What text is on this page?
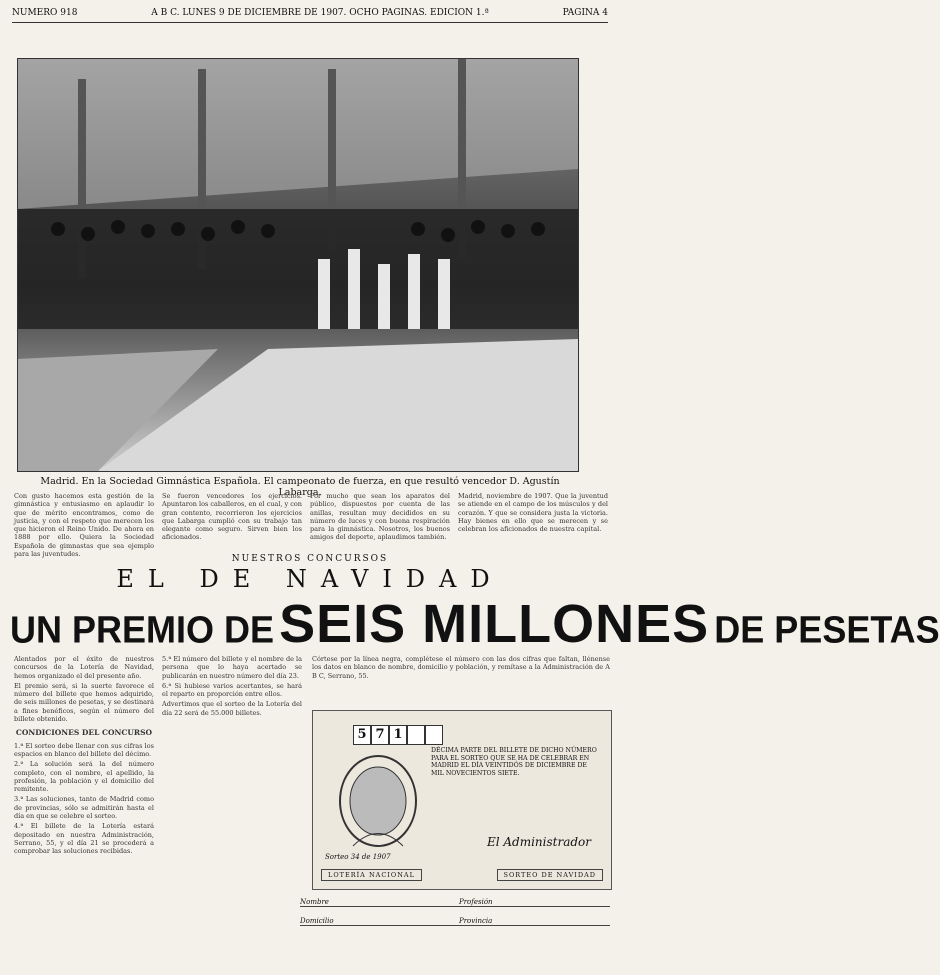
NUMERO 918	A B C. LUNES 9 DE DICIEMBRE DE 1907. OCHO PAGINAS. EDICION 1.ª	PAGINA 4
Madrid. En la Sociedad Gimnástica Española. El campeonato de fuerza, en que resultó vencedor D. Agustín Labarga.
Con gusto hacemos esta gestión de la gimnástica y entusiasmo en aplaudir lo que de mérito encontramos, como de justicia, y con el respeto que merecen los que hicieron el Reino Unido. De ahora en 1888 por ello. Quiera la Sociedad Española de gimnastas que sea ejemplo para las juventudes.
Se fueron vencedores los ejercicios. Apuntaron los caballeros, en el cual, y con gran contento, recorrieron los ejercicios que Labarga cumplió con su trabajo tan elegante como seguro. Sirven bien los aficionados.
Por mucho que sean los aparatos del público, dispuestos por cuenta de las anillas, resultan muy decididos en su número de luces y con buena respiración para la gimnástica. Nosotros, los buenos amigos del deporte, aplaudimos también.
Madrid, noviembre de 1907. Que la juventud se atiende en el campo de los músculos y del corazón. Y que se considera justa la victoria. Hay bienes en ello que se merecen y se celebran los aficionados de nuestra capital.
NUESTROS CONCURSOS
EL DE NAVIDAD
UN PREMIO DE SEIS MILLONES DE PESETAS

Alentados por el éxito de nuestros concursos de la Lotería de Navidad, hemos organizado el del presente año.

El premio será, si la suerte favorece el número del billete que hemos adquirido, de seis millones de pesetas, y se destinará a fines benéficos, según el número del billete obtenido.

CONDICIONES DEL CONCURSO

1.ª El sorteo debe llenar con sus cifras los espacios en blanco del billete del décimo.

2.ª La solución será la del número completo, con el nombre, el apellido, la profesión, la población y el domicilio del remitente.

3.ª Las soluciones, tanto de Madrid como de provincias, sólo se admitirán hasta el día en que se celebre el sorteo.

4.ª El billete de la Lotería estará depositado en nuestra Administración, Serrano, 55, y el día 21 se procederá a comprobar las soluciones recibidas.

5.ª El número del billete y el nombre de la persona que lo haya acertado se publicarán en nuestro número del día 23.

6.ª Si hubiese varios acertantes, se hará el reparto en proporción entre ellos.

Advertimos que el sorteo de la Lotería del día 22 será de 55.000 billetes.

Córtese por la línea negra, complétese el número con las dos cifras que faltan, llénense los datos en blanco de nombre, domicilio y población, y remítase a la Administración de A B C, Serrano, 55.
5 7 1
DÉCIMA PARTE DEL BILLETE DE DICHO NÚMERO PARA EL SORTEO QUE SE HA DE CELEBRAR EN MADRID EL DÍA VEINTIDÓS DE DICIEMBRE DE MIL NOVECIENTOS SIETE.
El Administrador
Sorteo 34 de 1907
LOTERÍA NACIONAL	SORTEO DE NAVIDAD
Nombre	Profesión
Domicilio	Provincia
